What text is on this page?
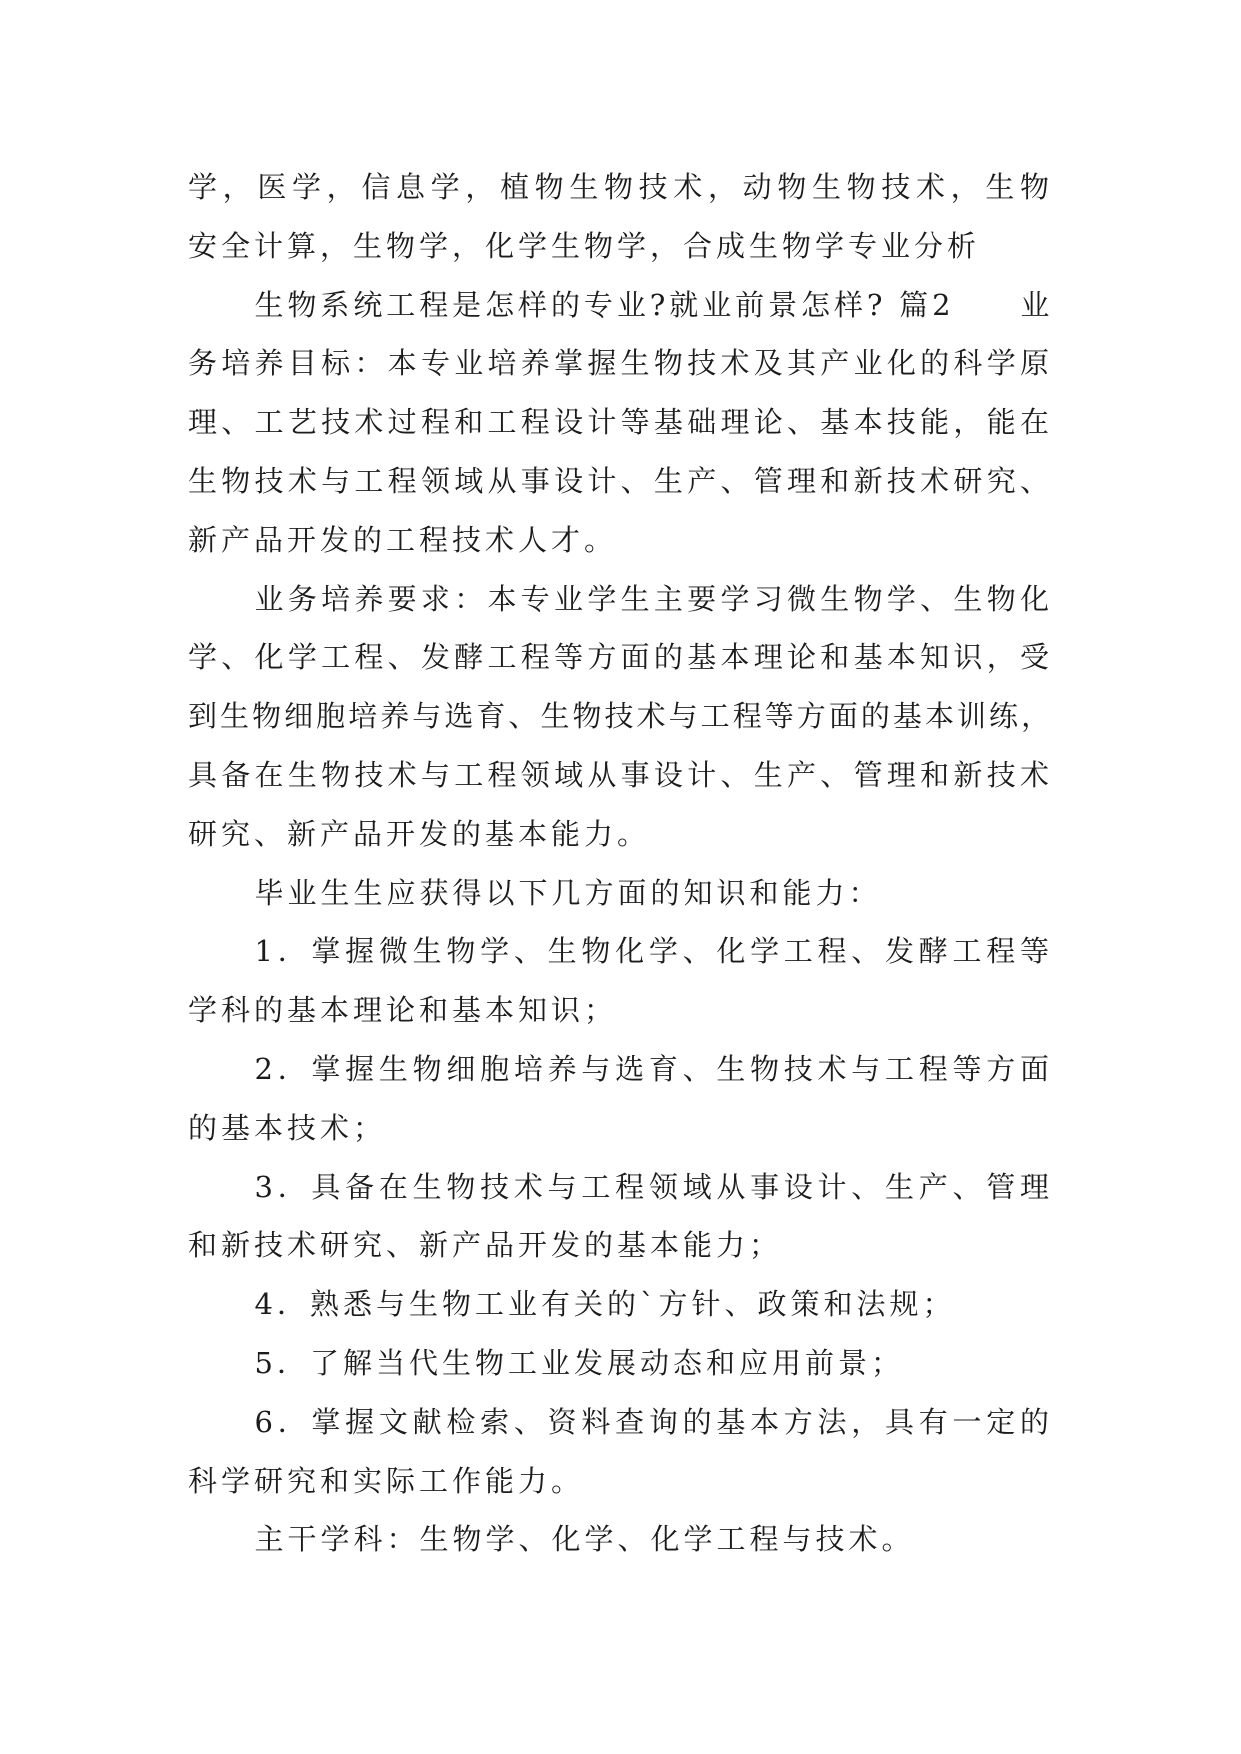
学，医学，信息学，植物生物技术，动物生物技术，生物
安全计算，生物学，化学生物学，合成生物学专业分析
生物系统工程是怎样的专业?就业前景怎样? 篇2　　业
务培养目标：本专业培养掌握生物技术及其产业化的科学原
理、工艺技术过程和工程设计等基础理论、基本技能，能在
生物技术与工程领域从事设计、生产、管理和新技术研究、
新产品开发的工程技术人才。
业务培养要求：本专业学生主要学习微生物学、生物化
学、化学工程、发酵工程等方面的基本理论和基本知识，受
到生物细胞培养与选育、生物技术与工程等方面的基本训练，
具备在生物技术与工程领域从事设计、生产、管理和新技术
研究、新产品开发的基本能力。
毕业生生应获得以下几方面的知识和能力：
1．掌握微生物学、生物化学、化学工程、发酵工程等
学科的基本理论和基本知识；
2．掌握生物细胞培养与选育、生物技术与工程等方面
的基本技术；
3．具备在生物技术与工程领域从事设计、生产、管理
和新技术研究、新产品开发的基本能力；
4．熟悉与生物工业有关的`方针、政策和法规；
5．了解当代生物工业发展动态和应用前景；
6．掌握文献检索、资料查询的基本方法，具有一定的
科学研究和实际工作能力。
主干学科：生物学、化学、化学工程与技术。
